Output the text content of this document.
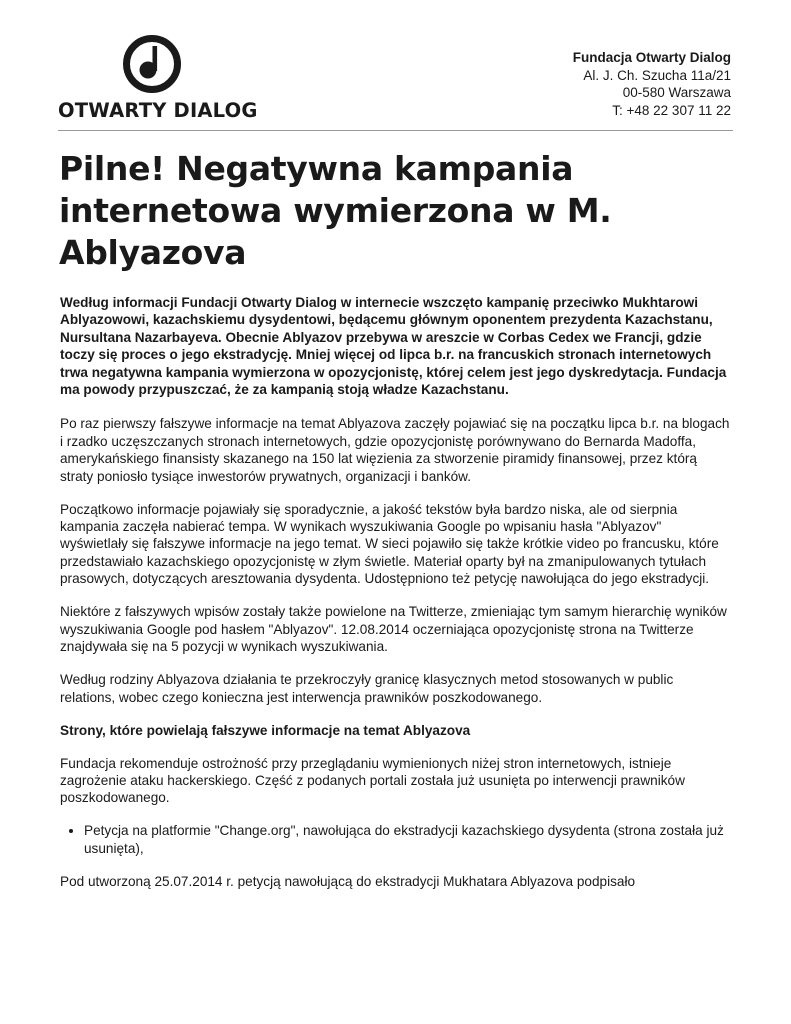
OTWARTY DIALOG
Fundacja Otwarty Dialog
Al. J. Ch. Szucha 11a/21
00-580 Warszawa
T: +48 22 307 11 22
Pilne! Negatywna kampania internetowa wymierzona w M. Ablyazova

Według informacji Fundacji Otwarty Dialog w internecie wszczęto kampanię przeciwko Mukhtarowi Ablyazowowi, kazachskiemu dysydentowi, będącemu głównym oponentem prezydenta Kazachstanu, Nursultana Nazarbayeva. Obecnie Ablyazov przebywa w areszcie w Corbas Cedex we Francji, gdzie toczy się proces o jego ekstradycję. Mniej więcej od lipca b.r. na francuskich stronach internetowych trwa negatywna kampania wymierzona w opozycjonistę, której celem jest jego dyskredytacja. Fundacja ma powody przypuszczać, że za kampanią stoją władze Kazachstanu.

Po raz pierwszy fałszywe informacje na temat Ablyazova zaczęły pojawiać się na początku lipca b.r. na blogach i rzadko uczęszczanych stronach internetowych, gdzie opozycjonistę porównywano do Bernarda Madoffa, amerykańskiego finansisty skazanego na 150 lat więzienia za stworzenie piramidy finansowej, przez którą straty poniosło tysiące inwestorów prywatnych, organizacji i banków.

Początkowo informacje pojawiały się sporadycznie, a jakość tekstów była bardzo niska, ale od sierpnia kampania zaczęła nabierać tempa. W wynikach wyszukiwania Google po wpisaniu hasła "Ablyazov" wyświetlały się fałszywe informacje na jego temat. W sieci pojawiło się także krótkie video po francusku, które przedstawiało kazachskiego opozycjonistę w złym świetle. Materiał oparty był na zmanipulowanych tytułach prasowych, dotyczących aresztowania dysydenta. Udostępniono też petycję nawołująca do jego ekstradycji.

Niektóre z fałszywych wpisów zostały także powielone na Twitterze, zmieniając tym samym hierarchię wyników wyszukiwania Google pod hasłem "Ablyazov". 12.08.2014 oczerniająca opozycjonistę strona na Twitterze znajdywała się na 5 pozycji w wynikach wyszukiwania.

Według rodziny Ablyazova działania te przekroczyły granicę klasycznych metod stosowanych w public relations, wobec czego konieczna jest interwencja prawników poszkodowanego.

Strony, które powielają fałszywe informacje na temat Ablyazova

Fundacja rekomenduje ostrożność przy przeglądaniu wymienionych niżej stron internetowych, istnieje zagrożenie ataku hackerskiego. Część z podanych portali została już usunięta po interwencji prawników poszkodowanego.

• Petycja na platformie "Change.org", nawołująca do ekstradycji kazachskiego dysydenta (strona została już usunięta),

Pod utworzoną 25.07.2014 r. petycją nawołującą do ekstradycji Mukhatara Ablyazova podpisało
